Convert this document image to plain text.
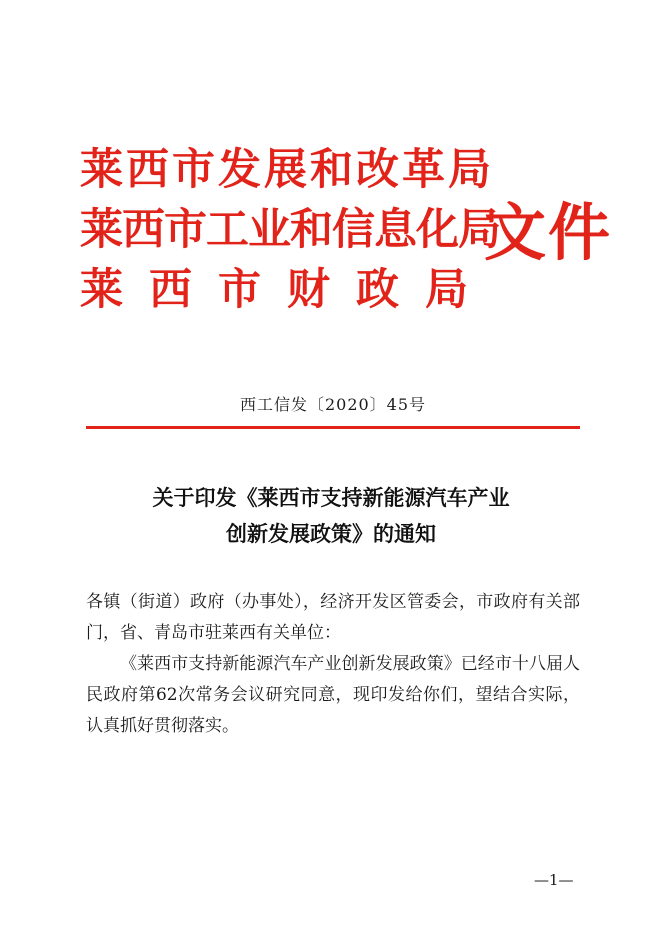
莱西市发展和改革局
莱西市工业和信息化局
莱西市财政局
文件
西工信发〔2020〕45号
关于印发《莱西市支持新能源汽车产业
创新发展政策》的通知

各镇（街道）政府（办事处），经济开发区管委会，市政府有关部门，省、青岛市驻莱西有关单位：

《莱西市支持新能源汽车产业创新发展政策》已经市十八届人民政府第62次常务会议研究同意，现印发给你们，望结合实际，认真抓好贯彻落实。

—1—
